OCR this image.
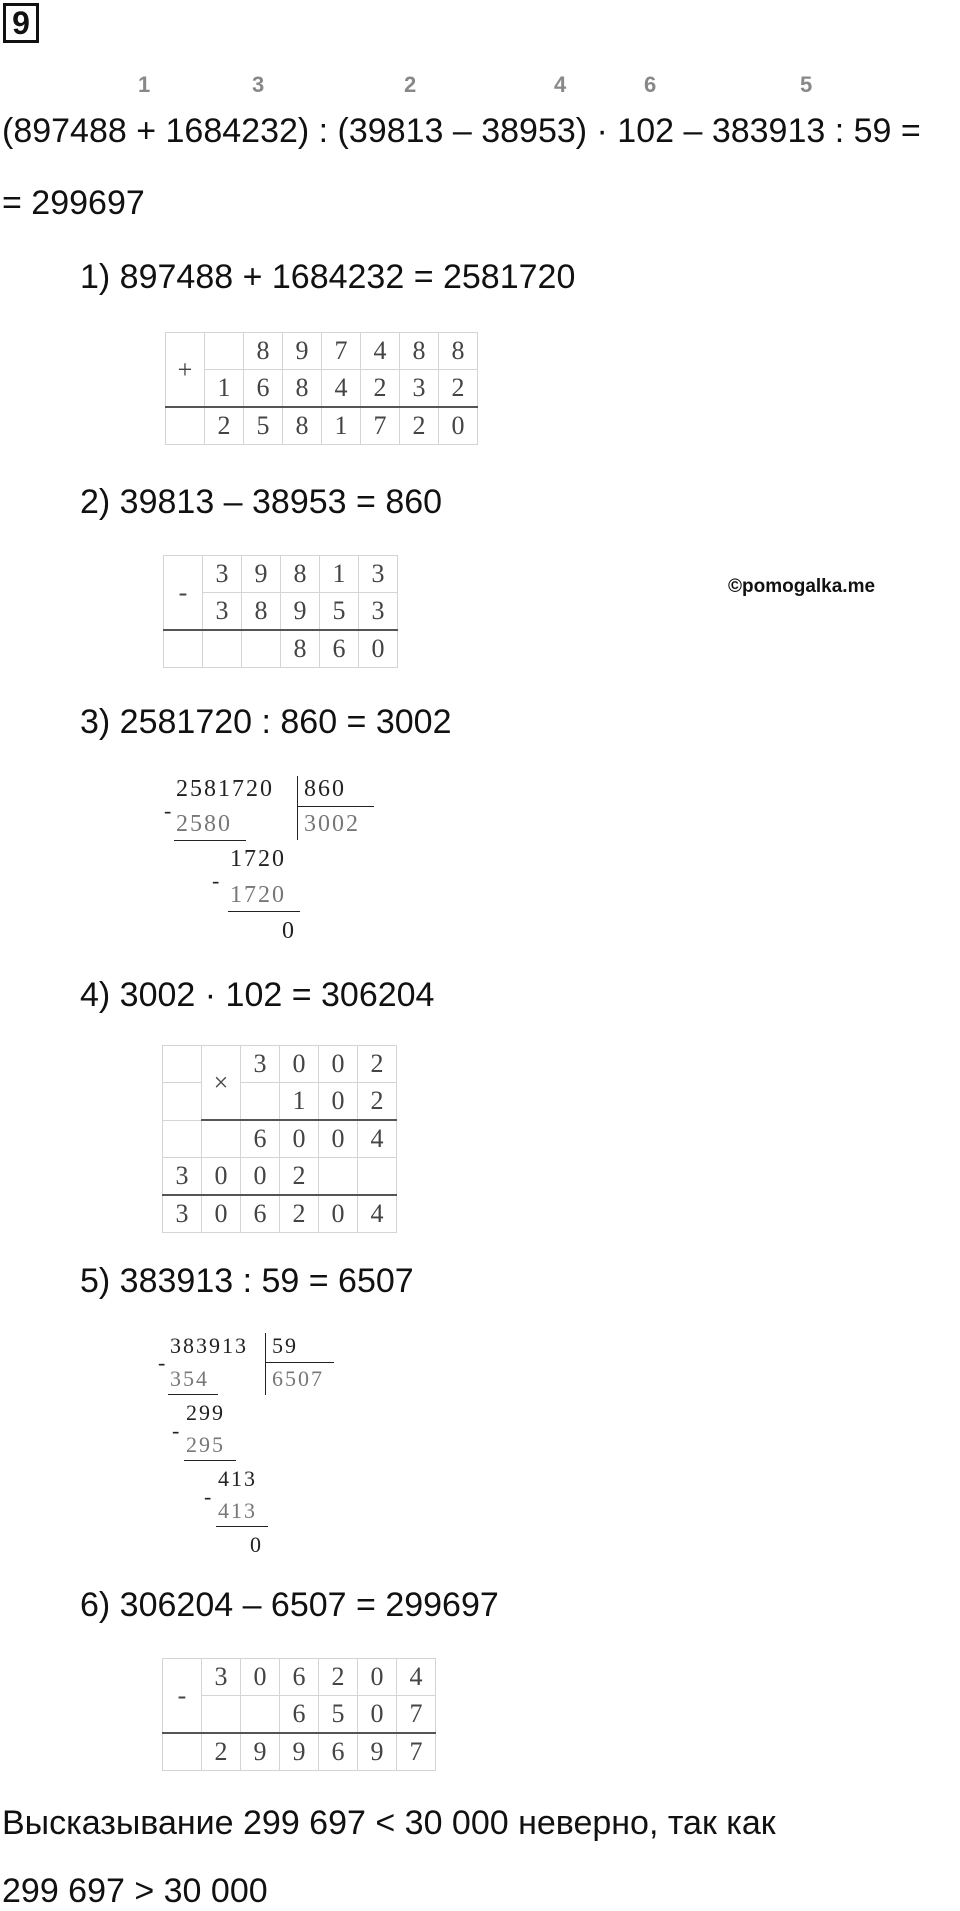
9
1	3	2	4	6	5
(897488 + 1684232) : (39813 – 38953) · 102 – 383913 : 59 =
= 299697
1) 897488 + 1684232 = 2581720
+		8	9	7	4	8	8
	1	6	8	4	2	3	2
	2	5	8	1	7	2	0
2) 39813 – 38953 = 860
-	3	9	8	1	3
	3	8	9	5	3
			8	6	0
©pomogalka.me
3) 2581720 : 860 = 3002
-
2581720 860
3002
2580
1720
-
1720
0
4) 3002 · 102 = 306204
	×	3	0	0	2
			1	0	2
		6	0	0	4
3	0	0	2		
3	0	6	2	0	4
5) 383913 : 59 = 6507
-
383913 59
6507
354
299
-
295
413
-
413
0
6) 306204 – 6507 = 299697
-	3	0	6	2	0	4
			6	5	0	7
	2	9	9	6	9	7
Высказывание 299 697 < 30 000 неверно, так как
299 697 > 30 000
